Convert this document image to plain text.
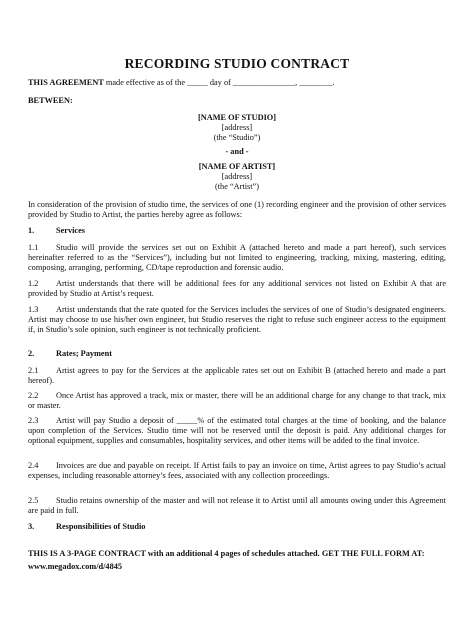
RECORDING STUDIO CONTRACT
THIS AGREEMENT made effective as of the _____ day of _______________, ________.
BETWEEN:
[NAME OF STUDIO]
[address]
(the “Studio”)
- and -
[NAME OF ARTIST]
[address]
(the “Artist”)
In consideration of the provision of studio time, the services of one (1) recording engineer and the provision of other services provided by Studio to Artist, the parties hereby agree as follows:
1.	Services
1.1 Studio will provide the services set out on Exhibit A (attached hereto and made a part hereof), such services hereinafter referred to as the “Services”), including but not limited to engineering, tracking, mixing, mastering, editing, composing, arranging, performing, CD/tape reproduction and forensic audio.
1.2 Artist understands that there will be additional fees for any additional services not listed on Exhibit A that are provided by Studio at Artist’s request.
1.3 Artist understands that the rate quoted for the Services includes the services of one of Studio’s designated engineers. Artist may choose to use his/her own engineer, but Studio reserves the right to refuse such engineer access to the equipment if, in Studio’s sole opinion, such engineer is not technically proficient.
2.	Rates; Payment
2.1 Artist agrees to pay for the Services at the applicable rates set out on Exhibit B (attached hereto and made a part hereof).
2.2 Once Artist has approved a track, mix or master, there will be an additional charge for any change to that track, mix or master.
2.3 Artist will pay Studio a deposit of _____% of the estimated total charges at the time of booking, and the balance upon completion of the Services. Studio time will not be reserved until the deposit is paid. Any additional charges for optional equipment, supplies and consumables, hospitality services, and other items will be added to the final invoice.
2.4 Invoices are due and payable on receipt. If Artist fails to pay an invoice on time, Artist agrees to pay Studio’s actual expenses, including reasonable attorney’s fees, associated with any collection proceedings.
2.5 Studio retains ownership of the master and will not release it to Artist until all amounts owing under this Agreement are paid in full.
3.	Responsibilities of Studio
THIS IS A 3-PAGE CONTRACT with an additional 4 pages of schedules attached. GET THE FULL FORM AT:
www.megadox.com/d/4845
